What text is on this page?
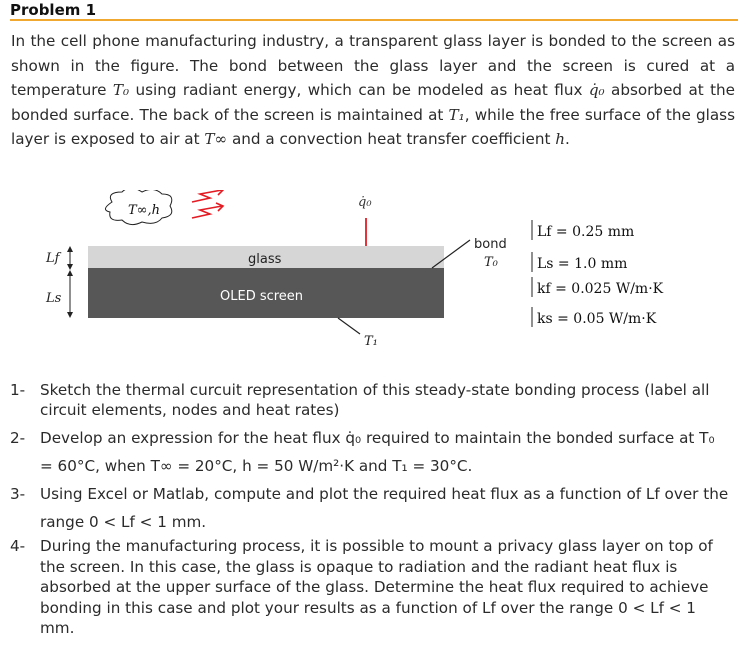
Problem 1
In the cell phone manufacturing industry, a transparent glass layer is bonded to the screen as shown in the figure. The bond between the glass layer and the screen is cured at a temperature T₀ using radiant energy, which can be modeled as heat flux q̇₀ absorbed at the bonded surface. The back of the screen is maintained at T₁, while the free surface of the glass layer is exposed to air at T∞ and a convection heat transfer coefficient h.
T∞,h
q̇₀
glass
OLED screen
Lf
Ls
bond
T₀
T₁
Lf = 0.25 mm
Ls = 1.0 mm
kf = 0.025 W/m·K
ks = 0.05 W/m·K
1- Sketch the thermal curcuit representation of this steady-state bonding process (label all circuit elements, nodes and heat rates)
2- Develop an expression for the heat flux q̇₀ required to maintain the bonded surface at T₀ = 60°C, when T∞ = 20°C, h = 50 W/m²·K and T₁ = 30°C.
3- Using Excel or Matlab, compute and plot the required heat flux as a function of Lf over the range 0 < Lf < 1 mm.
4- During the manufacturing process, it is possible to mount a privacy glass layer on top of the screen. In this case, the glass is opaque to radiation and the radiant heat flux is absorbed at the upper surface of the glass. Determine the heat flux required to achieve bonding in this case and plot your results as a function of Lf over the range 0 < Lf < 1 mm.
